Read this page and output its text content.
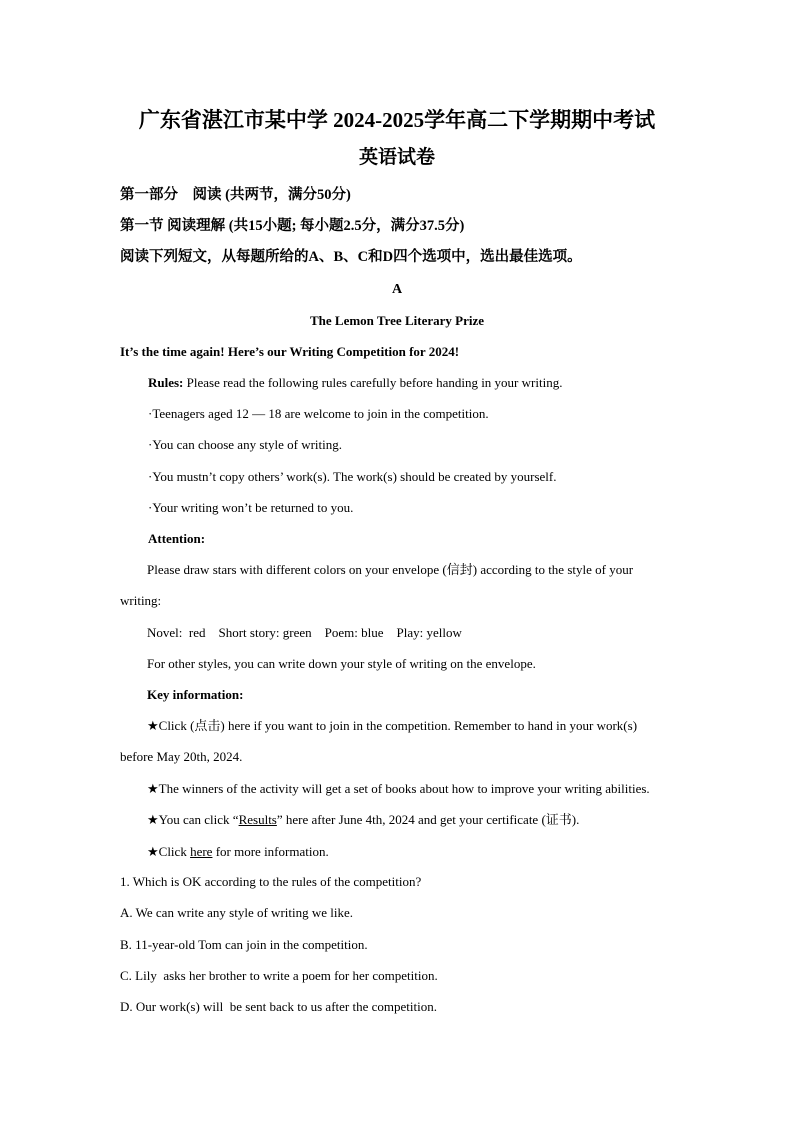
广东省湛江市某中学 2024-2025学年高二下学期期中考试
英语试卷
第一部分　阅读 (共两节，满分50分)
第一节 阅读理解 (共15小题; 每小题2.5分，满分37.5分)
阅读下列短文，从每题所给的A、B、C和D四个选项中，选出最佳选项。
A
The Lemon Tree Literary Prize
It’s the time again! Here’s our Writing Competition for 2024!
Rules: Please read the following rules carefully before handing in your writing.
·Teenagers aged 12 — 18 are welcome to join in the competition.
·You can choose any style of writing.
·You mustn’t copy others’ work(s). The work(s) should be created by yourself.
·Your writing won’t be returned to you.
Attention:
Please draw stars with different colors on your envelope (信封) according to the style of your
writing:
Novel:  red    Short story: green    Poem: blue    Play: yellow
For other styles, you can write down your style of writing on the envelope.
Key information:
★Click (点击) here if you want to join in the competition. Remember to hand in your work(s)
before May 20th, 2024.
★The winners of the activity will get a set of books about how to improve your writing abilities.
★You can click “Results” here after June 4th, 2024 and get your certificate (证书).
★Click here for more information.
1. Which is OK according to the rules of the competition?
A. We can write any style of writing we like.
B. 11-year-old Tom can join in the competition.
C. Lily  asks her brother to write a poem for her competition.
D. Our work(s) will  be sent back to us after the competition.
